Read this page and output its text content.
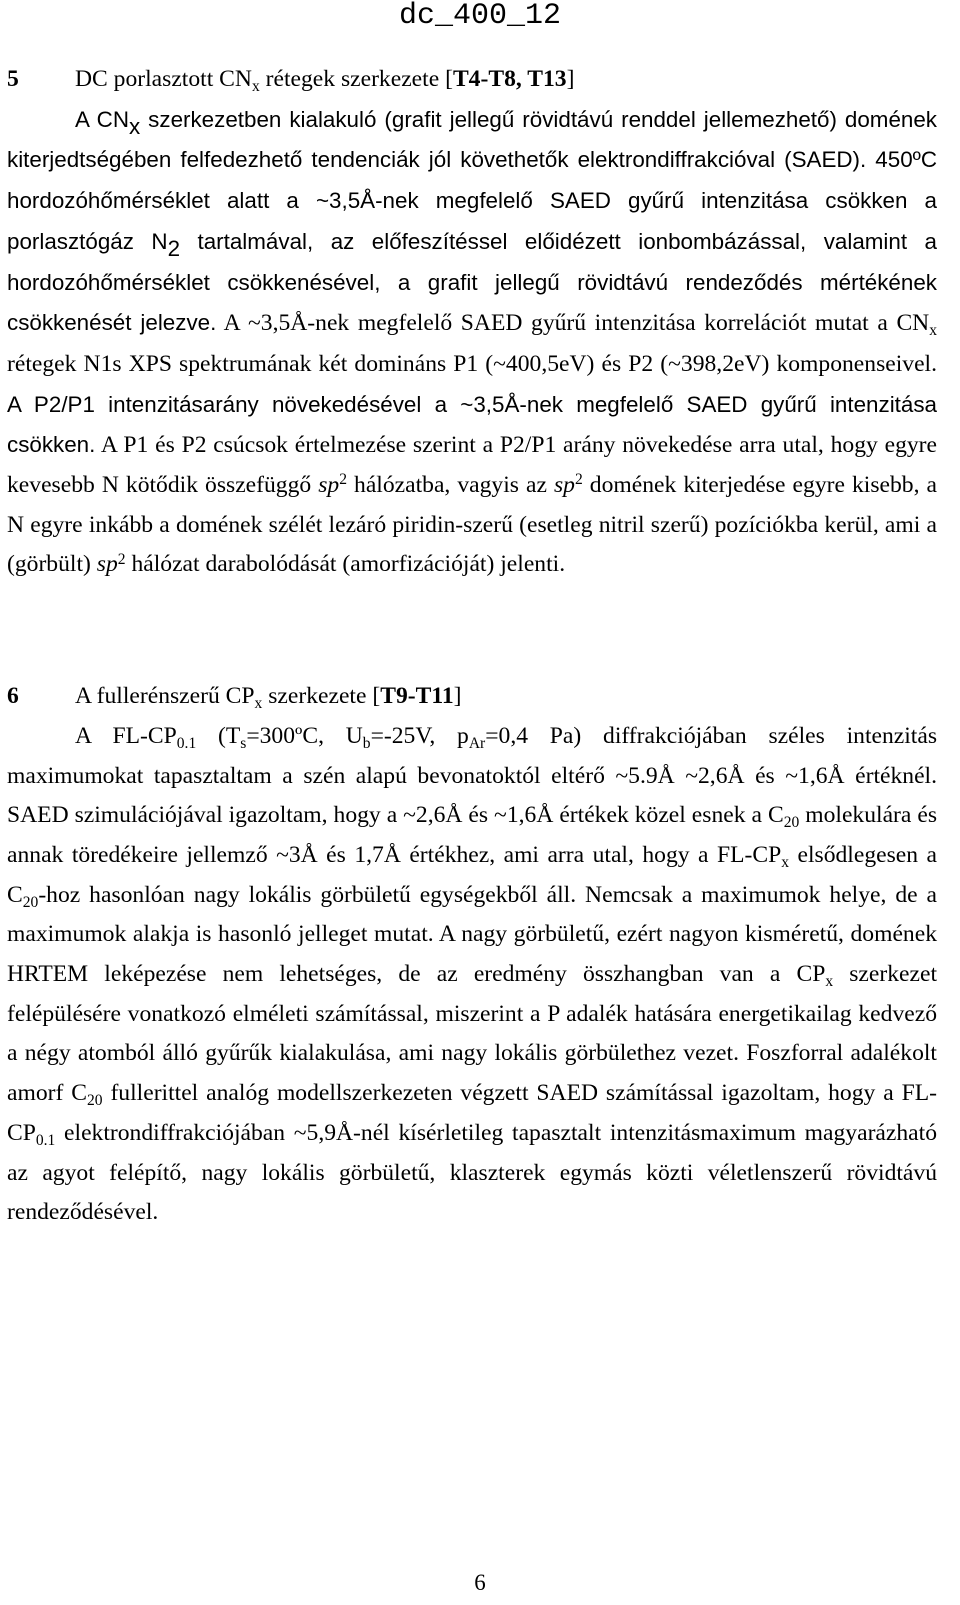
dc_400_12
5	DC porlasztott $CN_x$ rétegek szerkezete [T4-T8, T13]

A $CN_x$ szerkezetben kialakuló (grafit jellegű rövidtávú renddel jellemezhető) domének kiterjedtségében felfedezhető tendenciák jól követhetők elektrondiffrakcióval (SAED). 450ºC hordozóhőmérséklet alatt a ~3,5Å-nek megfelelő SAED gyűrű intenzitása csökken a porlasztógáz $N_2$ tartalmával, az előfeszítéssel előidézett ionbombázással, valamint a hordozóhőmérséklet csökkenésével, a grafit jellegű rövidtávú rendeződés mértékének csökkenését jelezve. A ~3,5Å-nek megfelelő SAED gyűrű intenzitása korrelációt mutat a $CN_x$ rétegek N1s XPS spektrumának két domináns P1 (~400,5eV) és P2 (~398,2eV) komponenseivel. A P2/P1 intenzitásarány növekedésével a ~3,5Å-nek megfelelő SAED gyűrű intenzitása csökken. A P1 és P2 csúcsok értelmezése szerint a P2/P1 arány növekedése arra utal, hogy egyre kevesebb N kötődik összefüggő $sp^2$ hálózatba, vagyis az $sp^2$ domének kiterjedése egyre kisebb, a N egyre inkább a domének szélét lezáró piridin-szerű (esetleg nitril szerű) pozíciókba kerül, ami a (görbült) $sp^2$ hálózat darabolódását (amorfizációját) jelenti.

6	A fullerénszerű $CP_x$ szerkezete [T9-T11]

A $FL-CP_{0.1}$ ($T_s=300ºC$, $U_b=-25V$, $p_{Ar}=0,4$ Pa) diffrakciójában széles intenzitás maximumokat tapasztaltam a szén alapú bevonatoktól eltérő ~5.9Å ~2,6Å és ~1,6Å értéknél. SAED szimulációjával igazoltam, hogy a ~2,6Å és ~1,6Å értékek közel esnek a $C_{20}$ molekulára és annak töredékeire jellemző ~3Å és 1,7Å értékhez, ami arra utal, hogy a $FL-CP_x$ elsődlegesen a $C_{20}$-hoz hasonlóan nagy lokális görbületű egységekből áll. Nemcsak a maximumok helye, de a maximumok alakja is hasonló jelleget mutat. A nagy görbületű, ezért nagyon kisméretű, domének HRTEM leképezése nem lehetséges, de az eredmény összhangban van a $CP_x$ szerkezet felépülésére vonatkozó elméleti számítással, miszerint a P adalék hatására energetikailag kedvező a négy atomból álló gyűrűk kialakulása, ami nagy lokális görbülethez vezet. Foszforral adalékolt amorf $C_{20}$ fullerittel analóg modellszerkezeten végzett SAED számítással igazoltam, hogy a $FL-CP_{0.1}$ elektrondiffrakciójában ~5,9Å-nél kísérletileg tapasztalt intenzitásmaximum magyarázható az agyot felépítő, nagy lokális görbületű, klaszterek egymás közti véletlenszerű rövidtávú rendeződésével.

6
